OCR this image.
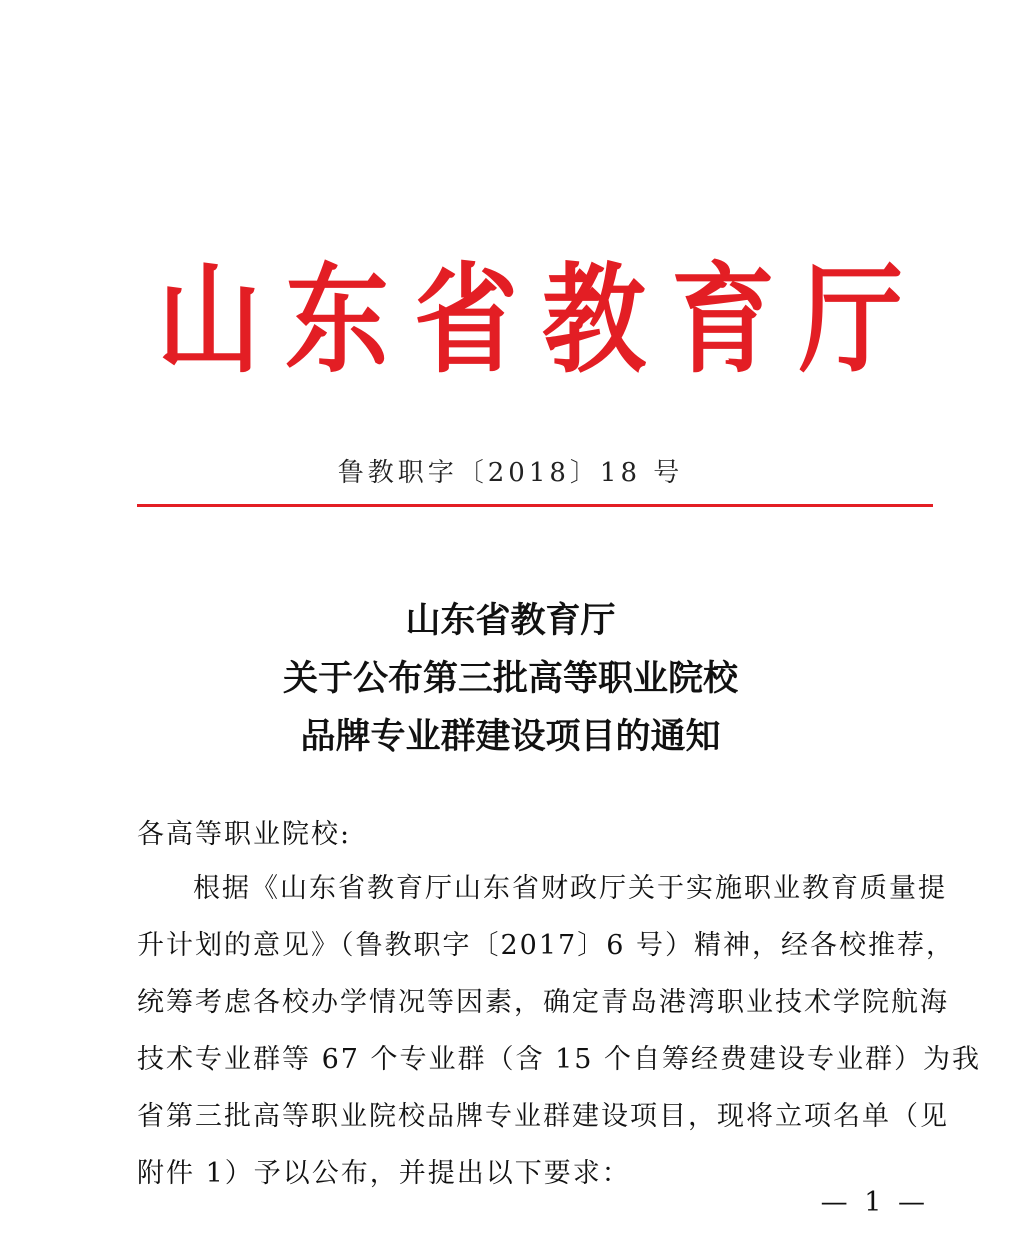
山 东 省 教 育 厅
鲁教职字〔2018〕18 号
山东省教育厅
关于公布第三批高等职业院校
品牌专业群建设项目的通知
各高等职业院校:
根据《山东省教育厅山东省财政厅关于实施职业教育质量提
升计划的意见》（鲁教职字〔2017〕6 号）精神，经各校推荐，
统筹考虑各校办学情况等因素，确定青岛港湾职业技术学院航海
技术专业群等 67 个专业群（含 15 个自筹经费建设专业群）为我
省第三批高等职业院校品牌专业群建设项目，现将立项名单（见
附件 1）予以公布，并提出以下要求：
— 1 —
